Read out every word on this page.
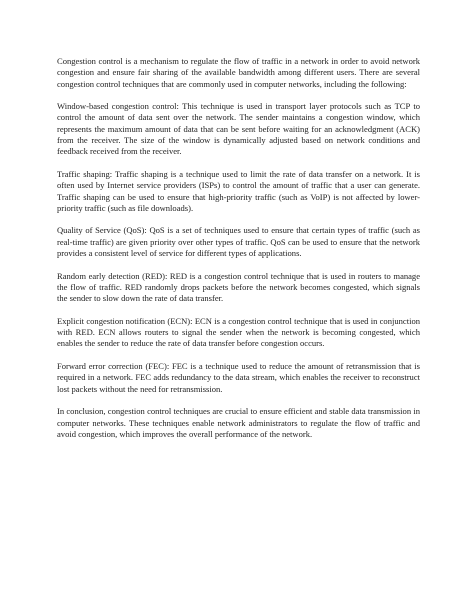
Congestion control is a mechanism to regulate the flow of traffic in a network in order to avoid network congestion and ensure fair sharing of the available bandwidth among different users. There are several congestion control techniques that are commonly used in computer networks, including the following:

Window-based congestion control: This technique is used in transport layer protocols such as TCP to control the amount of data sent over the network. The sender maintains a congestion window, which represents the maximum amount of data that can be sent before waiting for an acknowledgment (ACK) from the receiver. The size of the window is dynamically adjusted based on network conditions and feedback received from the receiver.

Traffic shaping: Traffic shaping is a technique used to limit the rate of data transfer on a network. It is often used by Internet service providers (ISPs) to control the amount of traffic that a user can generate. Traffic shaping can be used to ensure that high-priority traffic (such as VoIP) is not affected by lower-priority traffic (such as file downloads).

Quality of Service (QoS): QoS is a set of techniques used to ensure that certain types of traffic (such as real-time traffic) are given priority over other types of traffic. QoS can be used to ensure that the network provides a consistent level of service for different types of applications.

Random early detection (RED): RED is a congestion control technique that is used in routers to manage the flow of traffic. RED randomly drops packets before the network becomes congested, which signals the sender to slow down the rate of data transfer.

Explicit congestion notification (ECN): ECN is a congestion control technique that is used in conjunction with RED. ECN allows routers to signal the sender when the network is becoming congested, which enables the sender to reduce the rate of data transfer before congestion occurs.

Forward error correction (FEC): FEC is a technique used to reduce the amount of retransmission that is required in a network. FEC adds redundancy to the data stream, which enables the receiver to reconstruct lost packets without the need for retransmission.

In conclusion, congestion control techniques are crucial to ensure efficient and stable data transmission in computer networks. These techniques enable network administrators to regulate the flow of traffic and avoid congestion, which improves the overall performance of the network.
